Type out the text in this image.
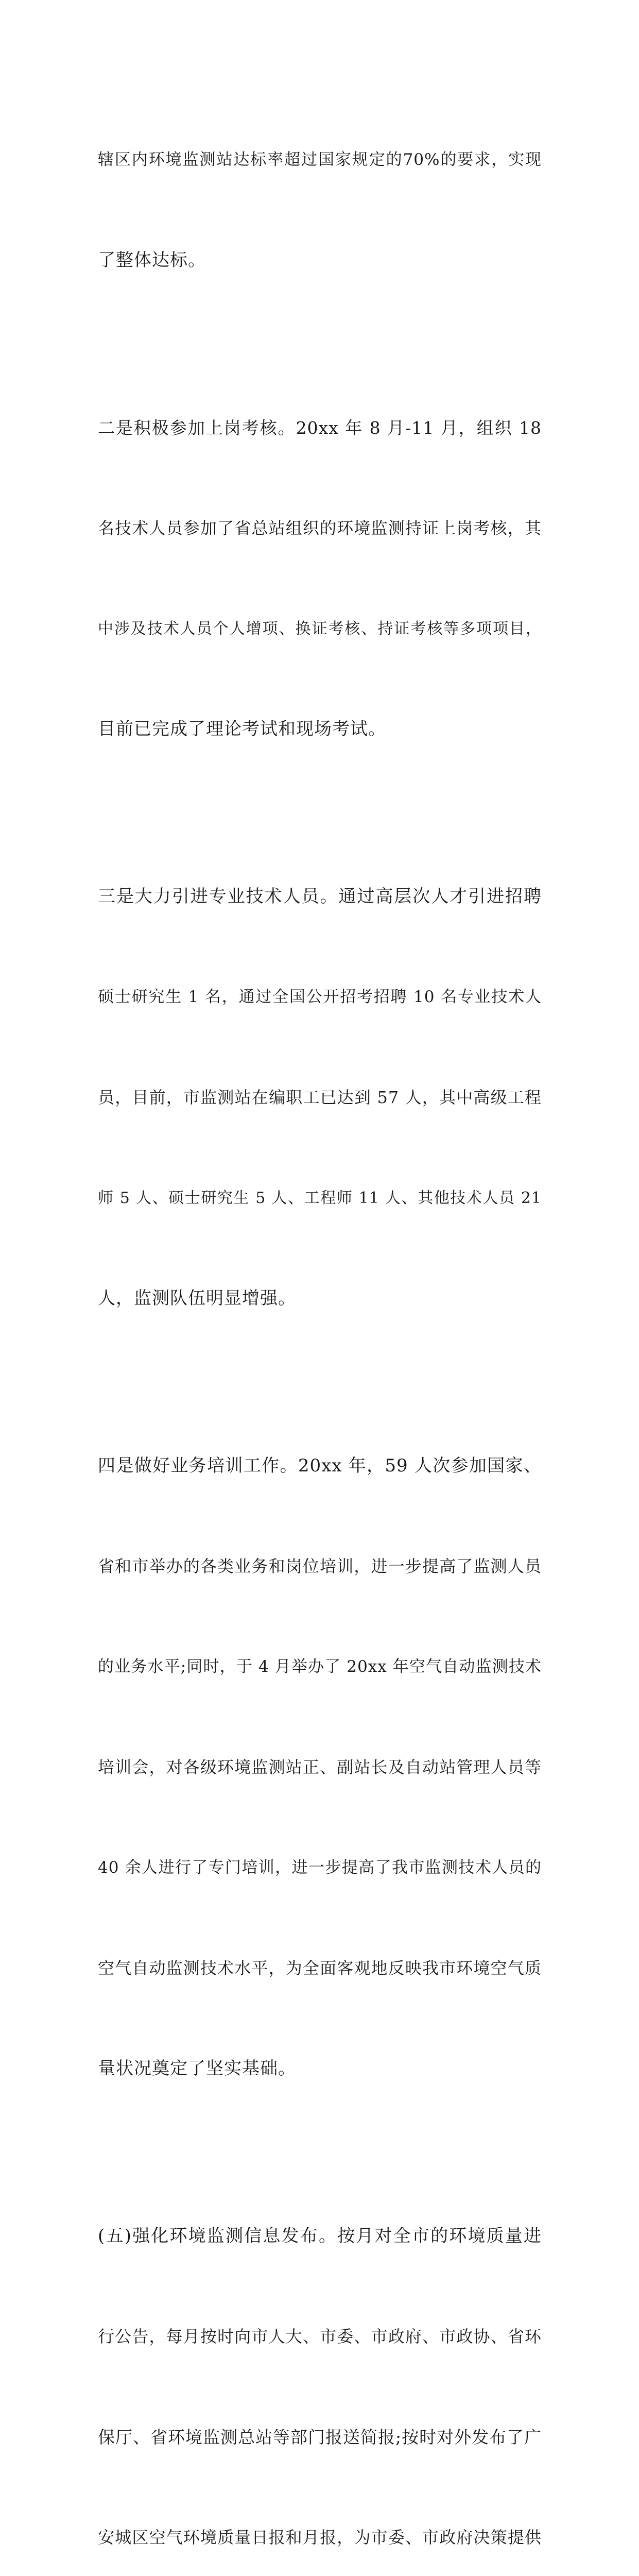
辖区内环境监测站达标率超过国家规定的70%的要求，实现

了整体达标。

二是积极参加上岗考核。20xx 年 8 月-11 月，组织 18

名技术人员参加了省总站组织的环境监测持证上岗考核，其

中涉及技术人员个人增项、换证考核、持证考核等多项项目，

目前已完成了理论考试和现场考试。

三是大力引进专业技术人员。通过高层次人才引进招聘

硕士研究生 1 名，通过全国公开招考招聘 10 名专业技术人

员，目前，市监测站在编职工已达到 57 人，其中高级工程

师 5 人、硕士研究生 5 人、工程师 11 人、其他技术人员 21

人，监测队伍明显增强。

四是做好业务培训工作。20xx 年，59 人次参加国家、

省和市举办的各类业务和岗位培训，进一步提高了监测人员

的业务水平;同时，于 4 月举办了 20xx 年空气自动监测技术

培训会，对各级环境监测站正、副站长及自动站管理人员等

40 余人进行了专门培训，进一步提高了我市监测技术人员的

空气自动监测技术水平，为全面客观地反映我市环境空气质

量状况奠定了坚实基础。

(五)强化环境监测信息发布。按月对全市的环境质量进

行公告，每月按时向市人大、市委、市政府、市政协、省环

保厅、省环境监测总站等部门报送简报;按时对外发布了广

安城区空气环境质量日报和月报，为市委、市政府决策提供
